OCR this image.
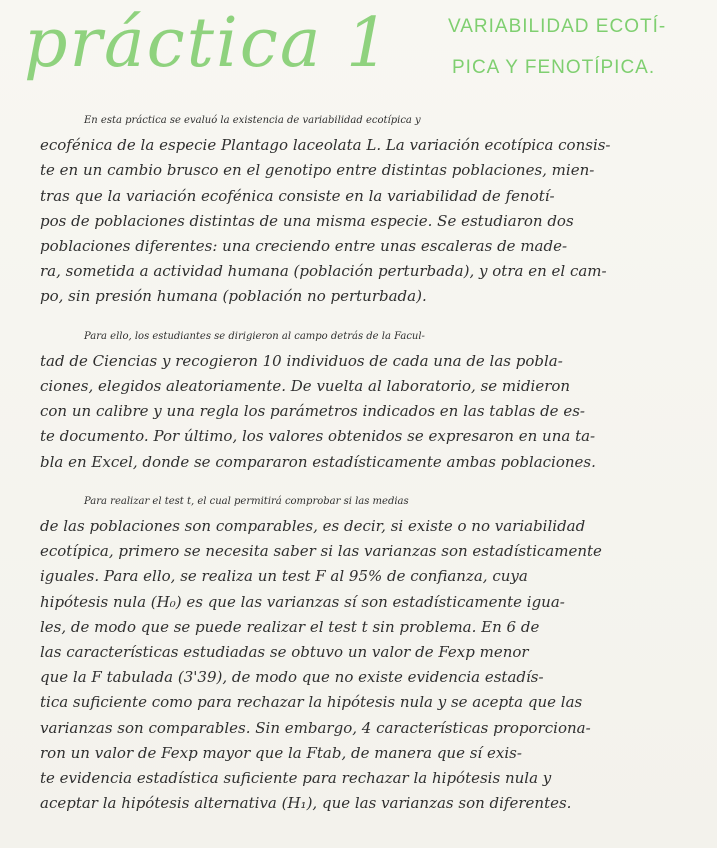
práctica 1	VARIABILIDAD ECOTÍ-
PICA Y FENOTÍPICA.
En esta práctica se evaluó la existencia de variabilidad ecotípica y
ecofénica de la especie Plantago laceolata L. La variación ecotípica consis-
te en un cambio brusco en el genotipo entre distintas poblaciones, mien-
tras que la variación ecofénica consiste en la variabilidad de fenotí-
pos de poblaciones distintas de una misma especie. Se estudiaron dos
poblaciones diferentes: una creciendo entre unas escaleras de made-
ra, sometida a actividad humana (población perturbada), y otra en el cam-
po, sin presión humana (población no perturbada).
Para ello, los estudiantes se dirigieron al campo detrás de la Facul-
tad de Ciencias y recogieron 10 individuos de cada una de las pobla-
ciones, elegidos aleatoriamente. De vuelta al laboratorio, se midieron
con un calibre y una regla los parámetros indicados en las tablas de es-
te documento. Por último, los valores obtenidos se expresaron en una ta-
bla en Excel, donde se compararon estadísticamente ambas poblaciones.
Para realizar el test t, el cual permitirá comprobar si las medias
de las poblaciones son comparables, es decir, si existe o no variabilidad
ecotípica, primero se necesita saber si las varianzas son estadísticamente
iguales. Para ello, se realiza un test F al 95% de confianza, cuya
hipótesis nula (H₀) es que las varianzas sí son estadísticamente igua-
les, de modo que se puede realizar el test t sin problema. En 6 de
las características estudiadas se obtuvo un valor de Fexp menor
que la F tabulada (3'39), de modo que no existe evidencia estadís-
tica suficiente como para rechazar la hipótesis nula y se acepta que las
varianzas son comparables. Sin embargo, 4 características proporciona-
ron un valor de Fexp mayor que la Ftab, de manera que sí exis-
te evidencia estadística suficiente para rechazar la hipótesis nula y
aceptar la hipótesis alternativa (H₁), que las varianzas son diferentes.
